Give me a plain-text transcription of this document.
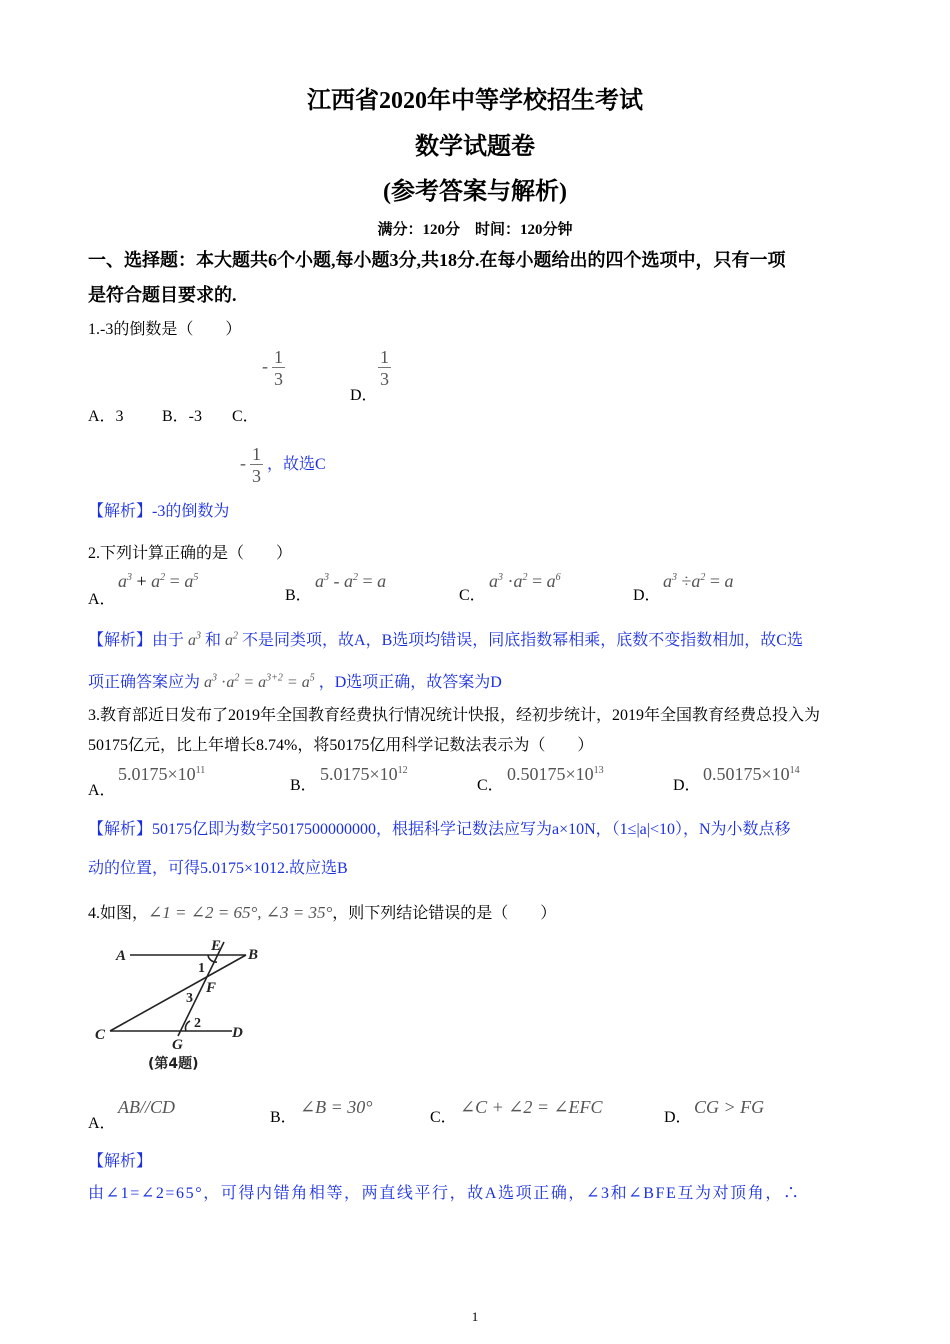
江西省2020年中等学校招生考试
数学试题卷
(参考答案与解析)
满分：120分　时间：120分钟
一、选择题：本大题共6个小题,每小题3分,共18分.在每小题给出的四个选项中，只有一项
是符合题目要求的.
1.-3的倒数是（　　）
- $\frac{1}{3}$
D．
$\frac{1}{3}$
A．3 B．-3 C．
- $\frac{1}{3}$ ，故选C
【解析】-3的倒数为
2.下列计算正确的是（　　）
A．
$a^3 + a^2 = a^5$
B．
$a^3 - a^2 = a$
C．
$a^3 \cdot a^2 = a^6$
D．
$a^3 \div a^2 = a$
【解析】由于 $a^3$ 和 $a^2$ 不是同类项，故A，B选项均错误，同底指数幂相乘，底数不变指数相加，故C选
项正确答案应为 $a^3 \cdot a^2 = a^{3+2} = a^5$ ，D选项正确，故答案为D
3.教育部近日发布了2019年全国教育经费执行情况统计快报，经初步统计，2019年全国教育经费总投入为
50175亿元，比上年增长8.74%，将50175亿用科学记数法表示为（　　）
A．
$5.0175\times 10^{11}$
B．
$5.0175\times 10^{12}$
C．
$0.50175\times 10^{13}$
D．
$0.50175\times 10^{14}$
【解析】50175亿即为数字5017500000000，根据科学记数法应写为a×10N，（1≤|a|<10），N为小数点移
动的位置，可得5.0175×1012.故应选B
4.如图，∠1 = ∠2 = 65°, ∠3 = 35°，则下列结论错误的是（　　）
A	B
C	D
E
F
G
1
2
3
(第4题)
A．
AB//CD
B．
∠B = 30°
C．
∠C + ∠2 = ∠EFC
D．
CG > FG
【解析】
由∠1=∠2=65°，可得内错角相等，两直线平行，故A选项正确，∠3和∠BFE互为对顶角，∴
1
